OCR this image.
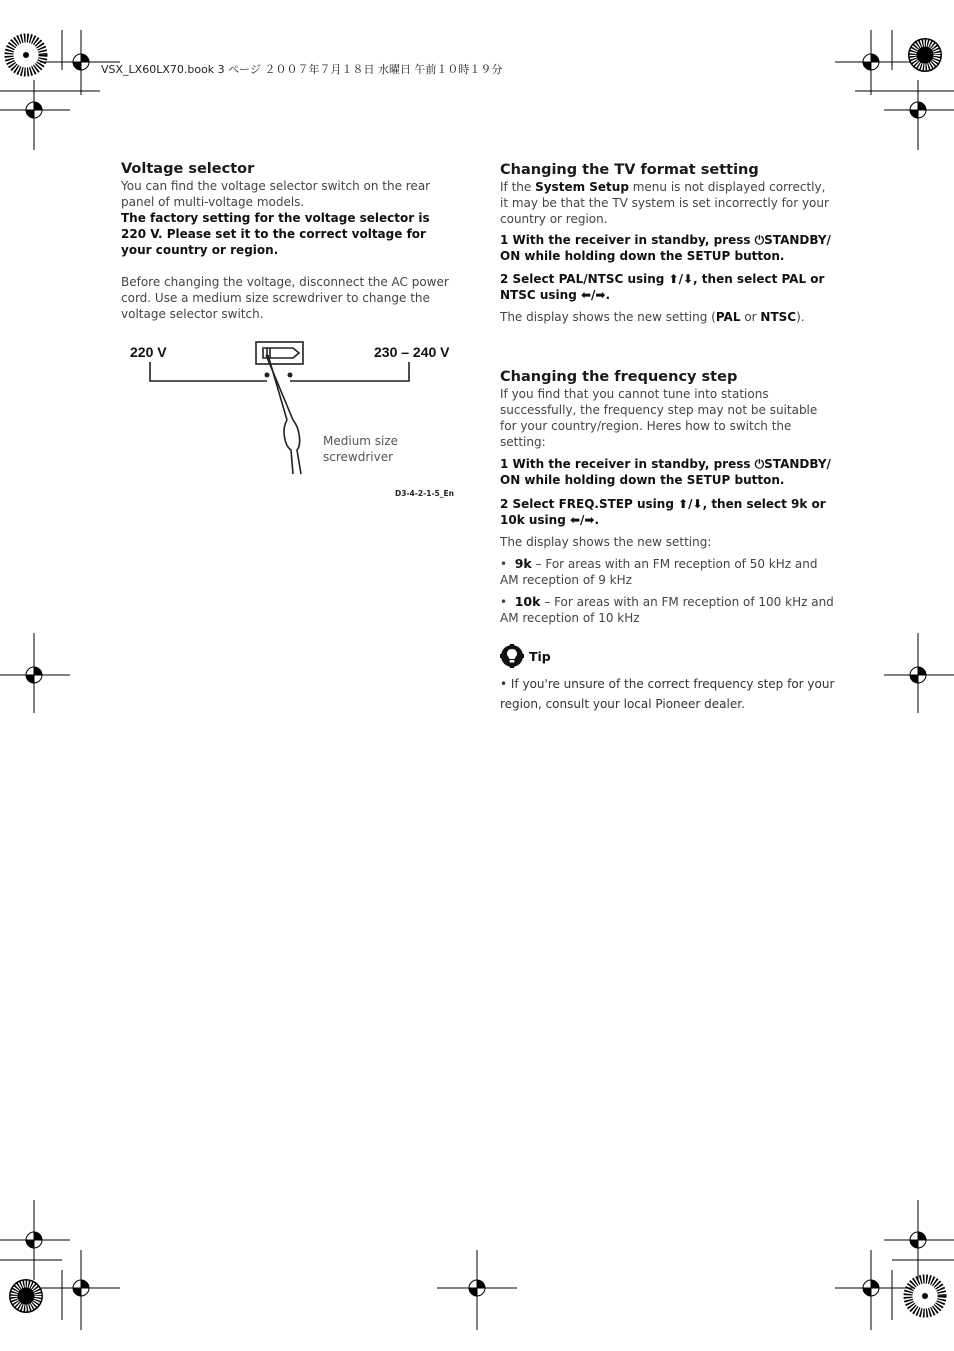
VSX_LX60LX70.book 3 ページ ２００７年７月１８日 水曜日 午前１０時１９分
Voltage selector

You can find the voltage selector switch on the rear panel of multi-voltage models.

The factory setting for the voltage selector is 220 V. Please set it to the correct voltage for your country or region.

Before changing the voltage, disconnect the AC power cord. Use a medium size screwdriver to change the voltage selector switch.

220 V	230 – 240 V
Medium size
screwdriver
D3-4-2-1-5_En
Changing the TV format setting

If the System Setup menu is not displayed correctly, it may be that the TV system is set incorrectly for your country or region.

1 With the receiver in standby, press ⏻STANDBY/ ON while holding down the SETUP button.

2 Select PAL/NTSC using ⬆/⬇, then select PAL or NTSC using ⬅/➡.

The display shows the new setting (PAL or NTSC).

Changing the frequency step

If you find that you cannot tune into stations successfully, the frequency step may not be suitable for your country/region. Heres how to switch the setting:

1 With the receiver in standby, press ⏻STANDBY/ ON while holding down the SETUP button.

2 Select FREQ.STEP using ⬆/⬇, then select 9k or 10k using ⬅/➡.

The display shows the new setting:

•  9k – For areas with an FM reception of 50 kHz and AM reception of 9 kHz

•  10k – For areas with an FM reception of 100 kHz and AM reception of 10 kHz

Tip

• If you're unsure of the correct frequency step for your region, consult your local Pioneer dealer.
